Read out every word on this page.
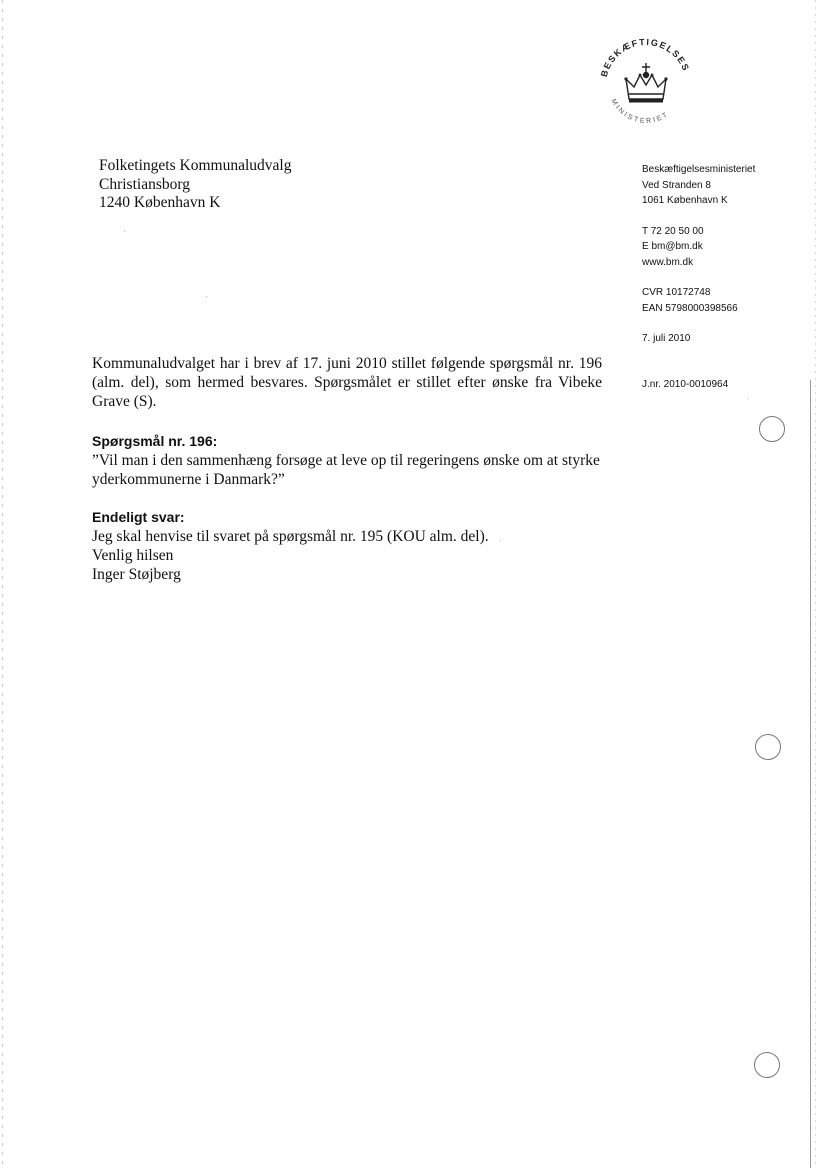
BESKÆFTIGELSES
MINISTERIET
Folketingets Kommunaludvalg
Christiansborg
1240 København K
Beskæftigelsesministeriet
Ved Stranden 8
1061 København K
T 72 20 50 00
E bm@bm.dk
www.bm.dk
CVR 10172748
EAN 5798000398566
7. juli 2010
J.nr. 2010-0010964

Kommunaludvalget har i brev af 17. juni 2010 stillet følgende spørgsmål nr. 196 (alm. del), som hermed besvares. Spørgsmålet er stillet efter ønske fra Vibeke Grave (S).

Spørgsmål nr. 196:

”Vil man i den sammenhæng forsøge at leve op til regeringens ønske om at styrke yderkommunerne i Danmark?”

Endeligt svar:

Jeg skal henvise til svaret på spørgsmål nr. 195 (KOU alm. del).

Venlig hilsen

Inger Støjberg
